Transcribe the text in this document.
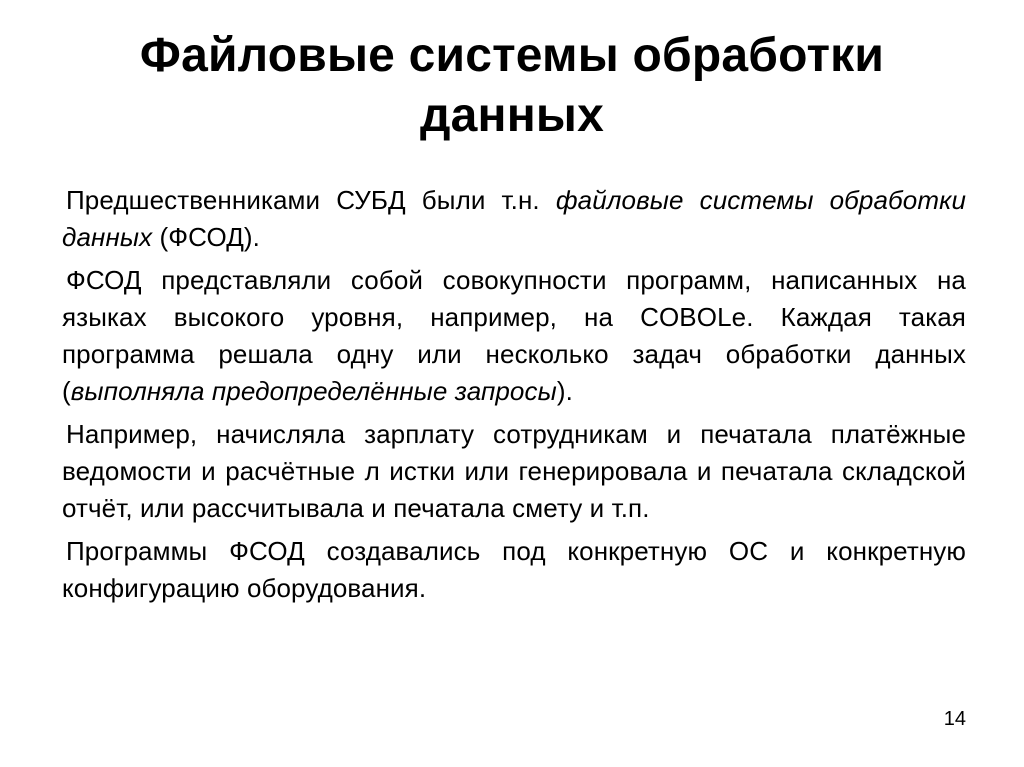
Файловые системы обработки
данных

Предшественниками СУБД были т.н. файловые системы обработки данных (ФСОД).

ФСОД представляли собой совокупности программ, написанных на языках высокого уровня, например, на COBOLе. Каждая такая программа решала одну или несколько задач обработки данных (выполняла предопределённые запросы).

Например, начисляла зарплату сотрудникам и печатала платёжные ведомости и расчётные л истки или генерировала и печатала складской отчёт, или рассчитывала и печатала смету и т.п.

Программы ФСОД создавались под конкретную ОС и конкретную конфигурацию оборудования.

14
